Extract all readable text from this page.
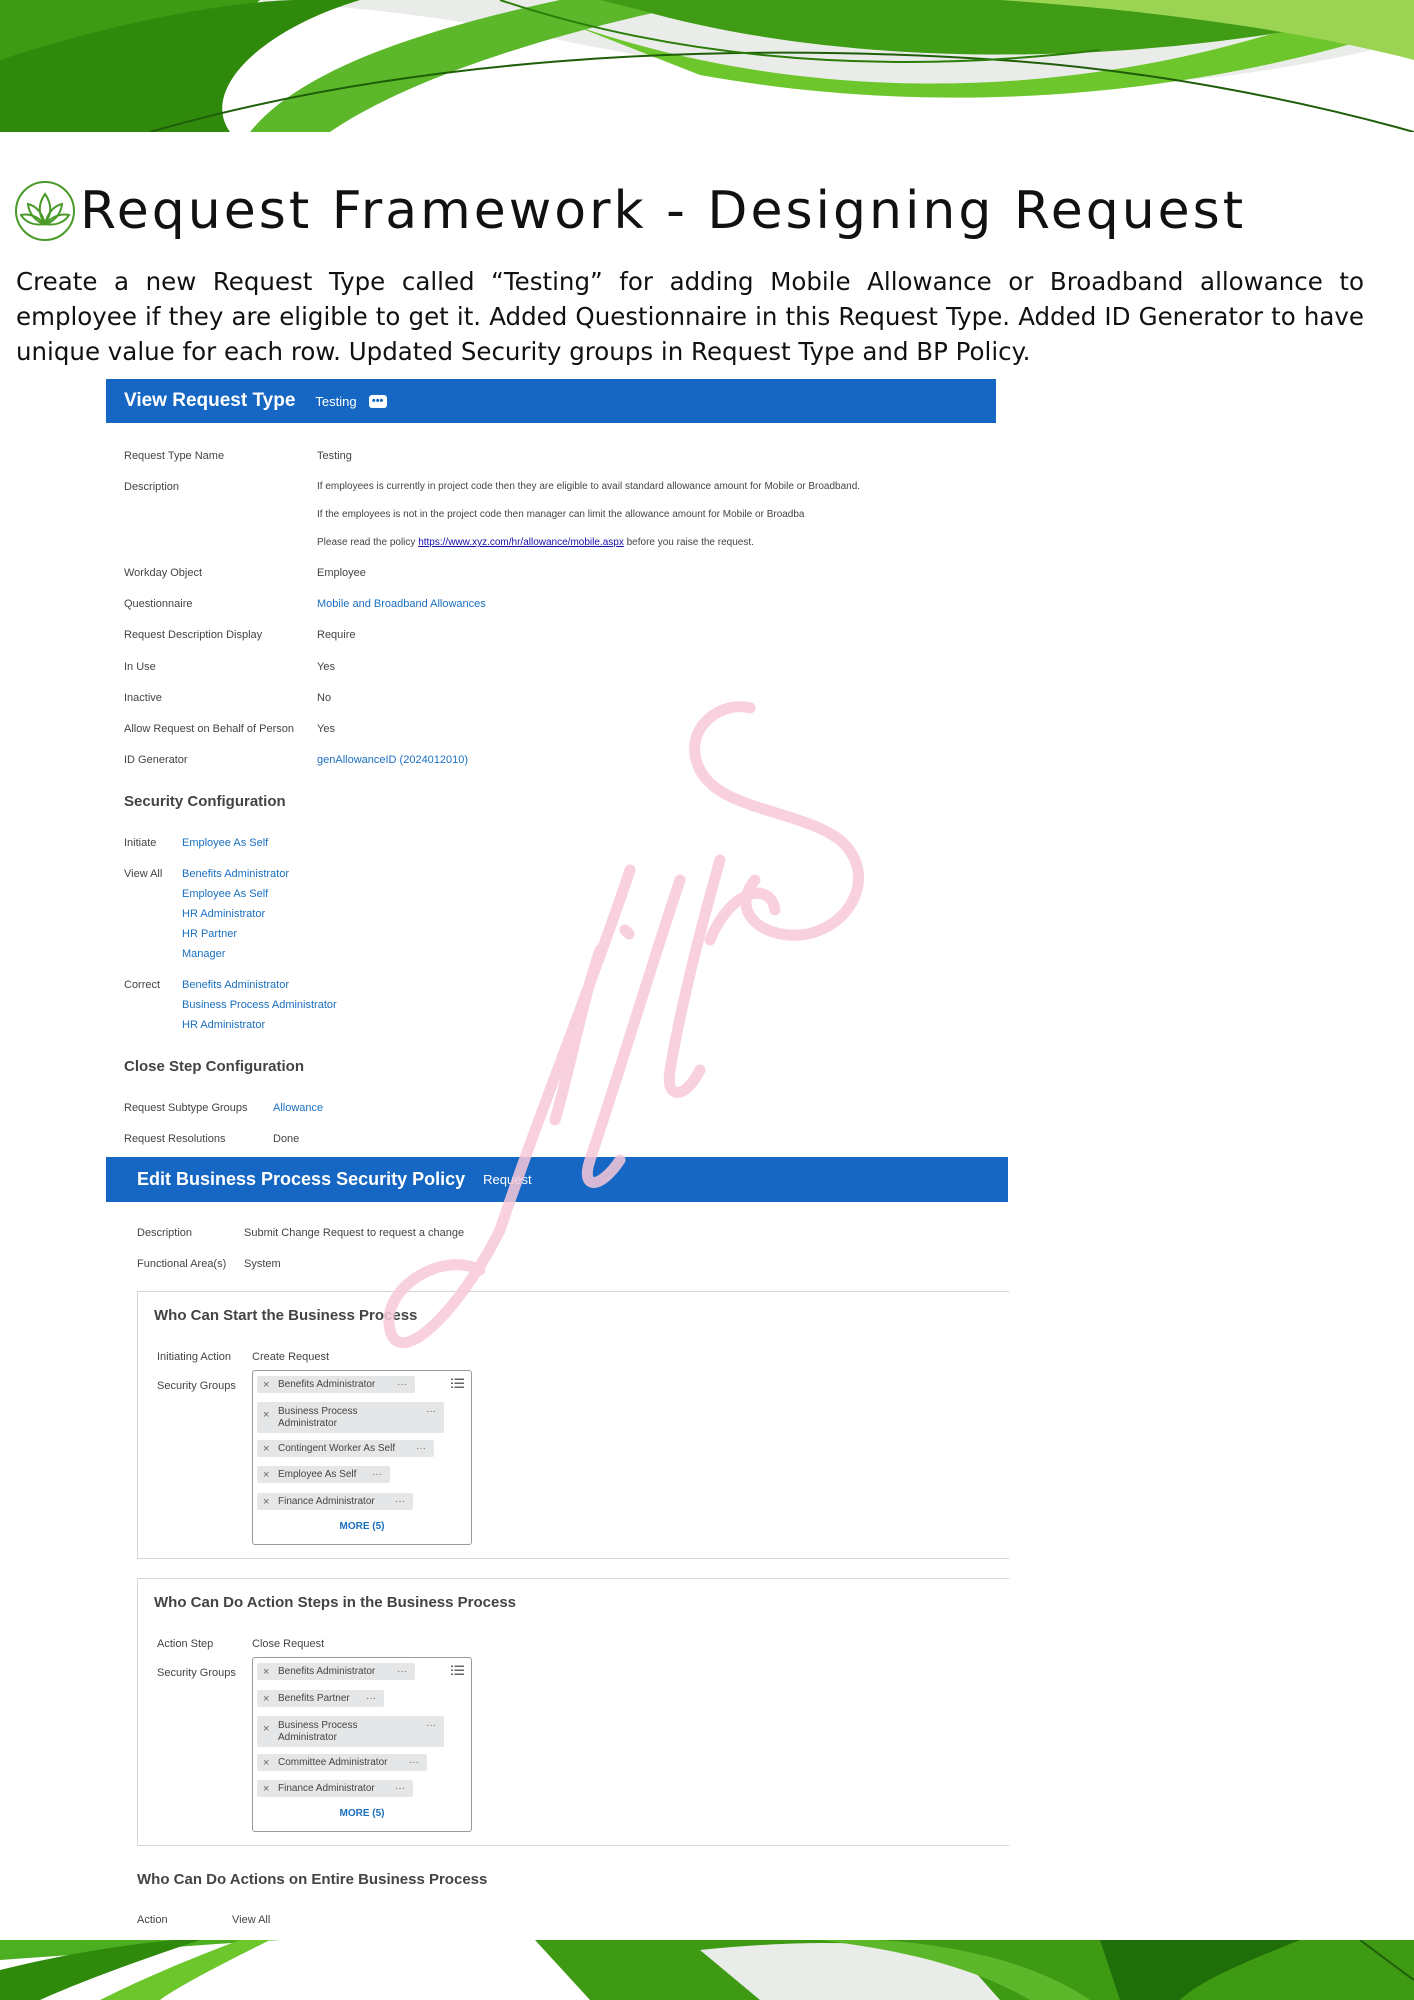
Request Framework - Designing Request

Create a new Request Type called “Testing” for adding Mobile Allowance or Broadband allowance to employee if they are eligible to get it. Added Questionnaire in this Request Type. Added ID Generator to have unique value for each row. Updated Security groups in Request Type and BP Policy.

View Request Type Testing •••
Request Type Name	Testing
Description	If employees is currently in project code then they are eligible to avail standard allowance amount for Mobile or Broadband.
If the employees is not in the project code then manager can limit the allowance amount for Mobile or Broadba
Please read the policy https://www.xyz.com/hr/allowance/mobile.aspx before you raise the request.
Workday Object	Employee
Questionnaire	Mobile and Broadband Allowances
Request Description Display	Require
In Use	Yes
Inactive	No
Allow Request on Behalf of Person Yes
ID Generator	genAllowanceID (2024012010)
Security Configuration
Initiate Employee As Self
View All Benefits Administrator
Employee As Self
HR Administrator
HR Partner
Manager
Correct Benefits Administrator
Business Process Administrator
HR Administrator
Close Step Configuration
Request Subtype Groups Allowance
Request Resolutions	Done
Edit Business Process Security Policy Request
Description	Submit Change Request to request a change
Functional Area(s) System
Who Can Start the Business Process
Initiating Action Create Request
Security Groups × Benefits Administrator ···
× Business Process Administrator
···
× Contingent Worker As Self ···
× Employee As Self ···
× Finance Administrator ···
MORE (5)
Who Can Do Action Steps in the Business Process
Action Step	Close Request
Security Groups × Benefits Administrator ···
× Benefits Partner ···
× Business Process Administrator
···
× Committee Administrator ···
× Finance Administrator ···
MORE (5)
Who Can Do Actions on Entire Business Process
Action	View All
